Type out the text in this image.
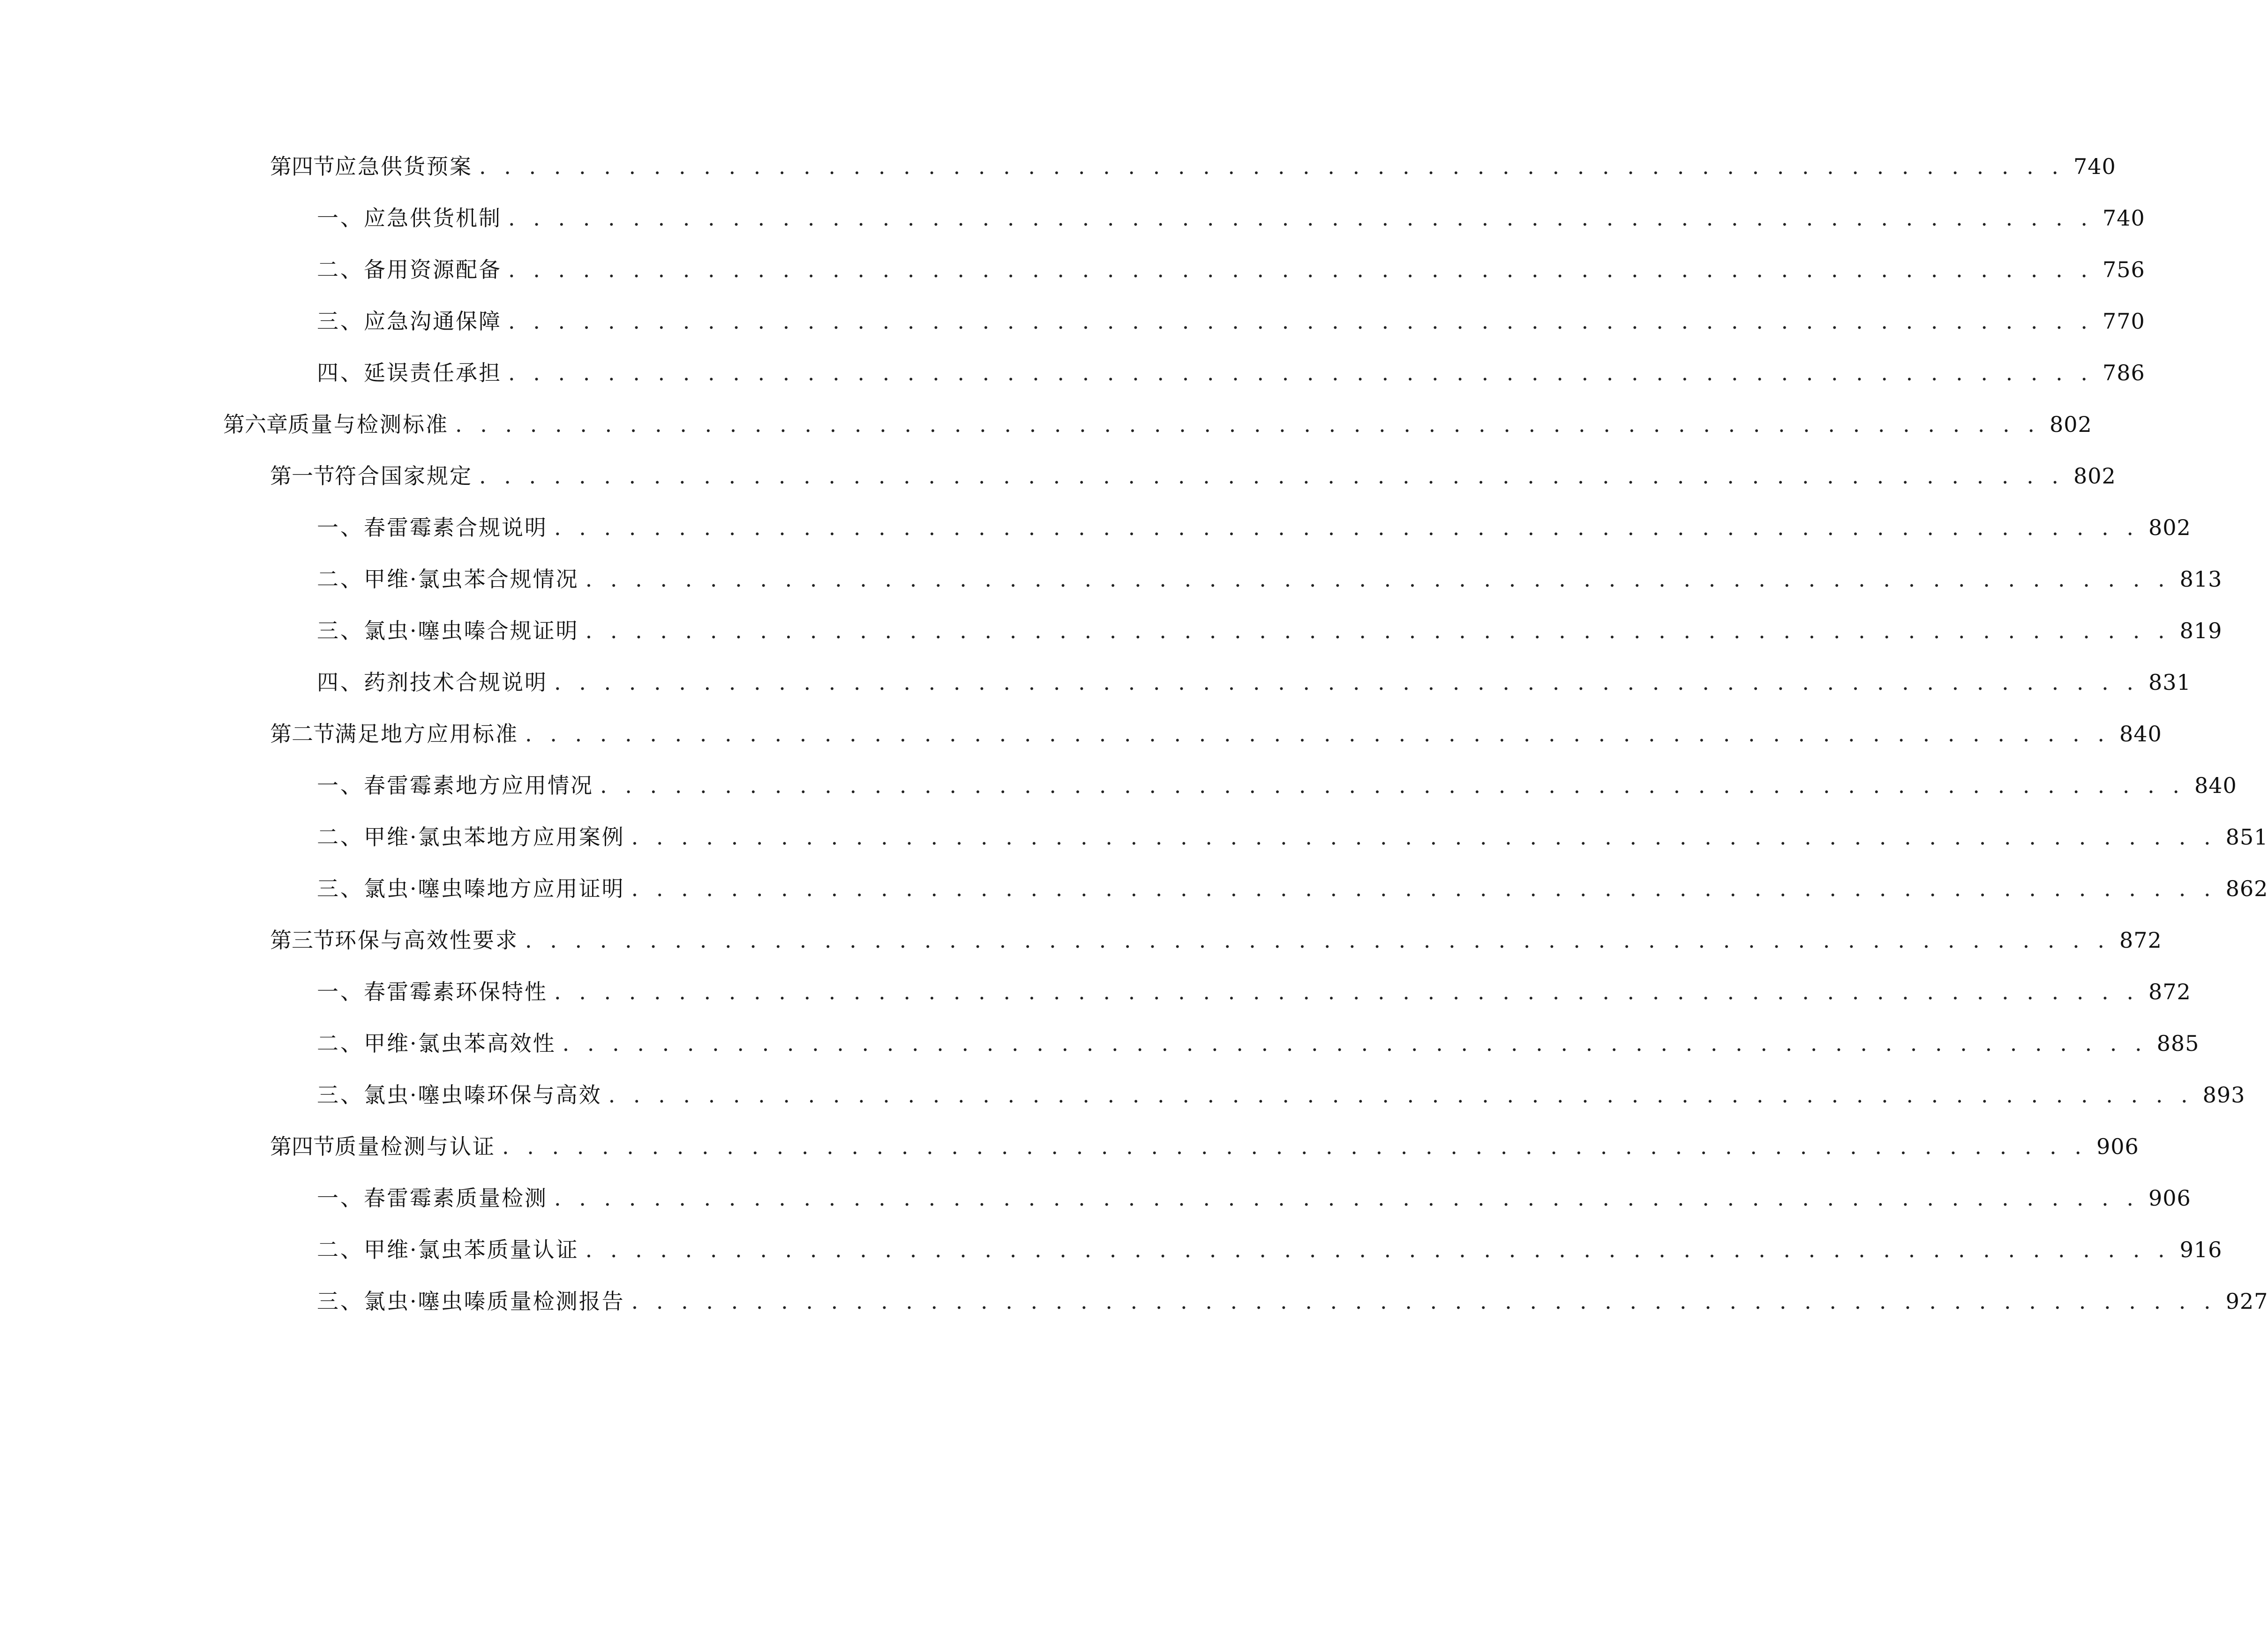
第四节 应急供货预案 . . . . . . . . . . . . . . . . . . . . . . . . . . . . . . . . . . . . . . . . . . . . . . . . . . . . . . . . . . . . . . . . 740
一、 应急供货机制 . . . . . . . . . . . . . . . . . . . . . . . . . . . . . . . . . . . . . . . . . . . . . . . . . . . . . . . . . . . . . . . . 740
二、 备用资源配备 . . . . . . . . . . . . . . . . . . . . . . . . . . . . . . . . . . . . . . . . . . . . . . . . . . . . . . . . . . . . . . . . 756
三、 应急沟通保障 . . . . . . . . . . . . . . . . . . . . . . . . . . . . . . . . . . . . . . . . . . . . . . . . . . . . . . . . . . . . . . . . 770
四、 延误责任承担 . . . . . . . . . . . . . . . . . . . . . . . . . . . . . . . . . . . . . . . . . . . . . . . . . . . . . . . . . . . . . . . . 786
第六章 质量与检测标准 . . . . . . . . . . . . . . . . . . . . . . . . . . . . . . . . . . . . . . . . . . . . . . . . . . . . . . . . . . . . . . . . 802
第一节 符合国家规定 . . . . . . . . . . . . . . . . . . . . . . . . . . . . . . . . . . . . . . . . . . . . . . . . . . . . . . . . . . . . . . . . 802
一、 春雷霉素合规说明 . . . . . . . . . . . . . . . . . . . . . . . . . . . . . . . . . . . . . . . . . . . . . . . . . . . . . . . . . . . . . . . . 802
二、 甲维·氯虫苯合规情况 . . . . . . . . . . . . . . . . . . . . . . . . . . . . . . . . . . . . . . . . . . . . . . . . . . . . . . . . . . . . . . . . 813
三、 氯虫·噻虫嗪合规证明 . . . . . . . . . . . . . . . . . . . . . . . . . . . . . . . . . . . . . . . . . . . . . . . . . . . . . . . . . . . . . . . . 819
四、 药剂技术合规说明 . . . . . . . . . . . . . . . . . . . . . . . . . . . . . . . . . . . . . . . . . . . . . . . . . . . . . . . . . . . . . . . . 831
第二节 满足地方应用标准 . . . . . . . . . . . . . . . . . . . . . . . . . . . . . . . . . . . . . . . . . . . . . . . . . . . . . . . . . . . . . . . . 840
一、 春雷霉素地方应用情况 . . . . . . . . . . . . . . . . . . . . . . . . . . . . . . . . . . . . . . . . . . . . . . . . . . . . . . . . . . . . . . . . 840
二、 甲维·氯虫苯地方应用案例 . . . . . . . . . . . . . . . . . . . . . . . . . . . . . . . . . . . . . . . . . . . . . . . . . . . . . . . . . . . . . . . . 851
三、 氯虫·噻虫嗪地方应用证明 . . . . . . . . . . . . . . . . . . . . . . . . . . . . . . . . . . . . . . . . . . . . . . . . . . . . . . . . . . . . . . . . 862
第三节 环保与高效性要求 . . . . . . . . . . . . . . . . . . . . . . . . . . . . . . . . . . . . . . . . . . . . . . . . . . . . . . . . . . . . . . . . 872
一、 春雷霉素环保特性 . . . . . . . . . . . . . . . . . . . . . . . . . . . . . . . . . . . . . . . . . . . . . . . . . . . . . . . . . . . . . . . . 872
二、 甲维·氯虫苯高效性 . . . . . . . . . . . . . . . . . . . . . . . . . . . . . . . . . . . . . . . . . . . . . . . . . . . . . . . . . . . . . . . . 885
三、 氯虫·噻虫嗪环保与高效 . . . . . . . . . . . . . . . . . . . . . . . . . . . . . . . . . . . . . . . . . . . . . . . . . . . . . . . . . . . . . . . . 893
第四节 质量检测与认证 . . . . . . . . . . . . . . . . . . . . . . . . . . . . . . . . . . . . . . . . . . . . . . . . . . . . . . . . . . . . . . . . 906
一、 春雷霉素质量检测 . . . . . . . . . . . . . . . . . . . . . . . . . . . . . . . . . . . . . . . . . . . . . . . . . . . . . . . . . . . . . . . . 906
二、 甲维·氯虫苯质量认证 . . . . . . . . . . . . . . . . . . . . . . . . . . . . . . . . . . . . . . . . . . . . . . . . . . . . . . . . . . . . . . . . 916
三、 氯虫·噻虫嗪质量检测报告 . . . . . . . . . . . . . . . . . . . . . . . . . . . . . . . . . . . . . . . . . . . . . . . . . . . . . . . . . . . . . . . . 927
